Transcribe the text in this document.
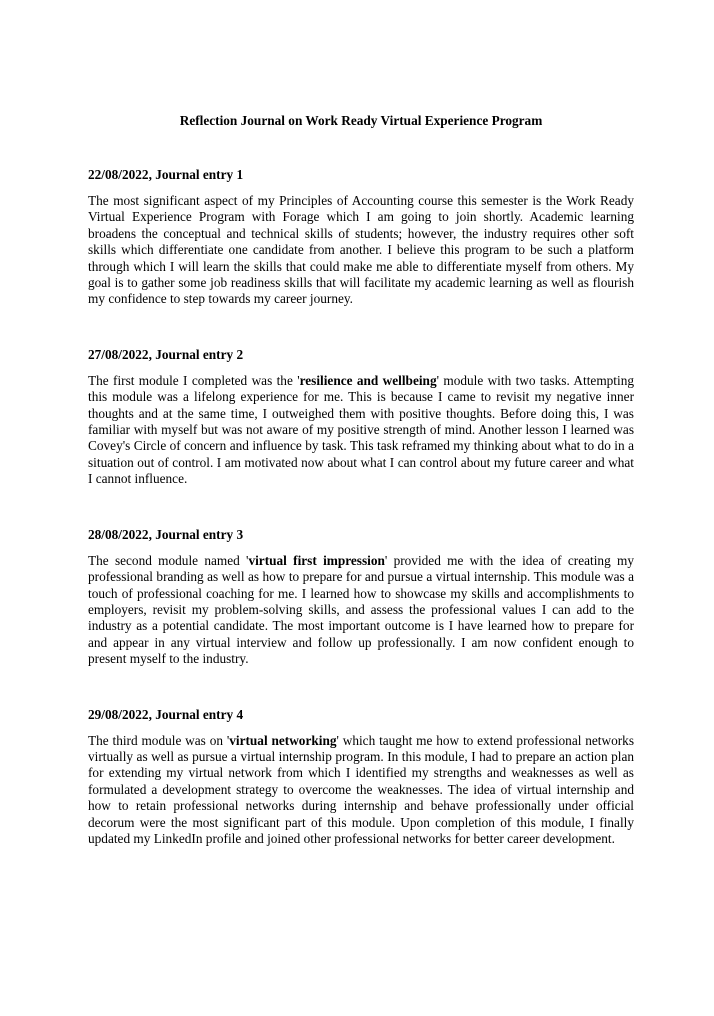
Reflection Journal on Work Ready Virtual Experience Program
22/08/2022, Journal entry 1

The most significant aspect of my Principles of Accounting course this semester is the Work Ready Virtual Experience Program with Forage which I am going to join shortly. Academic learning broadens the conceptual and technical skills of students; however, the industry requires other soft skills which differentiate one candidate from another. I believe this program to be such a platform through which I will learn the skills that could make me able to differentiate myself from others. My goal is to gather some job readiness skills that will facilitate my academic learning as well as flourish my confidence to step towards my career journey.

27/08/2022, Journal entry 2

The first module I completed was the 'resilience and wellbeing' module with two tasks. Attempting this module was a lifelong experience for me. This is because I came to revisit my negative inner thoughts and at the same time, I outweighed them with positive thoughts. Before doing this, I was familiar with myself but was not aware of my positive strength of mind. Another lesson I learned was Covey's Circle of concern and influence by task. This task reframed my thinking about what to do in a situation out of control. I am motivated now about what I can control about my future career and what I cannot influence.

28/08/2022, Journal entry 3

The second module named 'virtual first impression' provided me with the idea of creating my professional branding as well as how to prepare for and pursue a virtual internship. This module was a touch of professional coaching for me. I learned how to showcase my skills and accomplishments to employers, revisit my problem-solving skills, and assess the professional values I can add to the industry as a potential candidate. The most important outcome is I have learned how to prepare for and appear in any virtual interview and follow up professionally. I am now confident enough to present myself to the industry.

29/08/2022, Journal entry 4

The third module was on 'virtual networking' which taught me how to extend professional networks virtually as well as pursue a virtual internship program. In this module, I had to prepare an action plan for extending my virtual network from which I identified my strengths and weaknesses as well as formulated a development strategy to overcome the weaknesses. The idea of virtual internship and how to retain professional networks during internship and behave professionally under official decorum were the most significant part of this module. Upon completion of this module, I finally updated my LinkedIn profile and joined other professional networks for better career development.
